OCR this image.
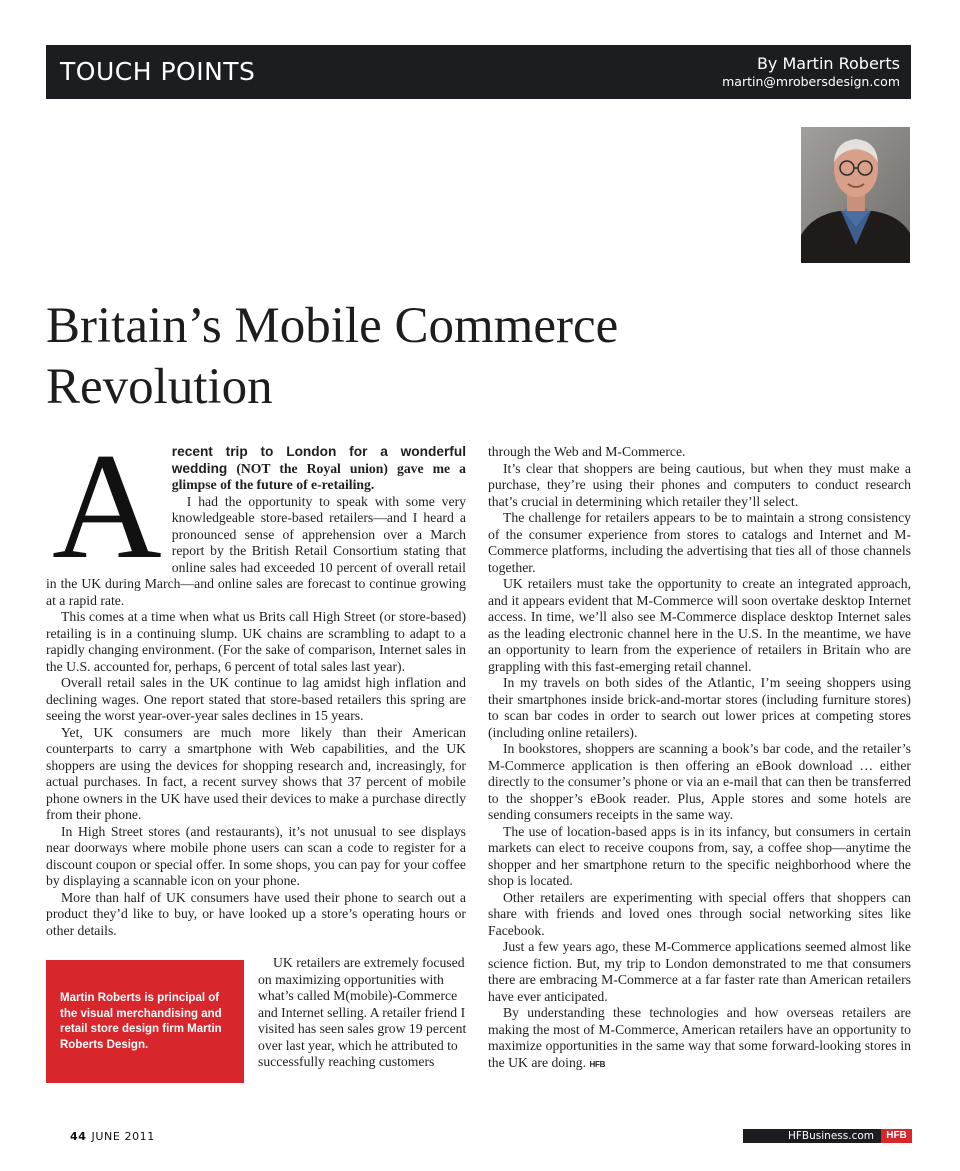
TOUCH POINTS	By Martin Roberts
martin@mrobersdesign.com
Britain’s Mobile Commerce Revolution
A recent trip to London for a wonderful wedding (NOT the Royal union) gave me a glimpse of the future of e-retailing.

I had the opportunity to speak with some very knowledgeable store-based retailers—and I heard a pronounced sense of apprehension over a March report by the British Retail Consortium stating that online sales had exceeded 10 percent of overall retail in the UK during March—and online sales are forecast to continue growing at a rapid rate.

This comes at a time when what us Brits call High Street (or store-based) retailing is in a continuing slump. UK chains are scrambling to adapt to a rapidly changing environment. (For the sake of comparison, Internet sales in the U.S. accounted for, perhaps, 6 percent of total sales last year).

Overall retail sales in the UK continue to lag amidst high inflation and declining wages. One report stated that store-based retailers this spring are seeing the worst year-over-year sales declines in 15 years.

Yet, UK consumers are much more likely than their American counterparts to carry a smartphone with Web capabilities, and the UK shoppers are using the devices for shopping research and, increasingly, for actual purchases. In fact, a recent survey shows that 37 percent of mobile phone owners in the UK have used their devices to make a purchase directly from their phone.

In High Street stores (and restaurants), it’s not unusual to see displays near doorways where mobile phone users can scan a code to register for a discount coupon or special offer. In some shops, you can pay for your coffee by displaying a scannable icon on your phone.

More than half of UK consumers have used their phone to search out a product they’d like to buy, or have looked up a store’s operating hours or other details.

Martin Roberts is principal of the visual merchandising and retail store design firm Martin Roberts Design.

UK retailers are extremely focused on maximizing opportunities with what’s called M(mobile)-Commerce and Internet selling. A retailer friend I visited has seen sales grow 19 percent over last year, which he attributed to successfully reaching customers

through the Web and M-Commerce.

It’s clear that shoppers are being cautious, but when they must make a purchase, they’re using their phones and computers to conduct research that’s crucial in determining which retailer they’ll select.

The challenge for retailers appears to be to maintain a strong consistency of the consumer experience from stores to catalogs and Internet and M-Commerce platforms, including the advertising that ties all of those channels together.

UK retailers must take the opportunity to create an integrated approach, and it appears evident that M-Commerce will soon overtake desktop Internet access. In time, we’ll also see M-Commerce displace desktop Internet sales as the leading electronic channel here in the U.S. In the meantime, we have an opportunity to learn from the experience of retailers in Britain who are grappling with this fast-emerging retail channel.

In my travels on both sides of the Atlantic, I’m seeing shoppers using their smartphones inside brick-and-mortar stores (including furniture stores) to scan bar codes in order to search out lower prices at competing stores (including online retailers).

In bookstores, shoppers are scanning a book’s bar code, and the retailer’s M-Commerce application is then offering an eBook download … either directly to the consumer’s phone or via an e-mail that can then be transferred to the shopper’s eBook reader. Plus, Apple stores and some hotels are sending consumers receipts in the same way.

The use of location-based apps is in its infancy, but consumers in certain markets can elect to receive coupons from, say, a coffee shop—anytime the shopper and her smartphone return to the specific neighborhood where the shop is located.

Other retailers are experimenting with special offers that shoppers can share with friends and loved ones through social networking sites like Facebook.

Just a few years ago, these M-Commerce applications seemed almost like science fiction. But, my trip to London demonstrated to me that consumers there are embracing M-Commerce at a far faster rate than American retailers have ever anticipated.

By understanding these technologies and how overseas retailers are making the most of M-Commerce, American retailers have an opportunity to maximize opportunities in the same way that some forward-looking stores in the UK are doing. HFB

44 JUNE 2011	HFBusiness.com	HFB
